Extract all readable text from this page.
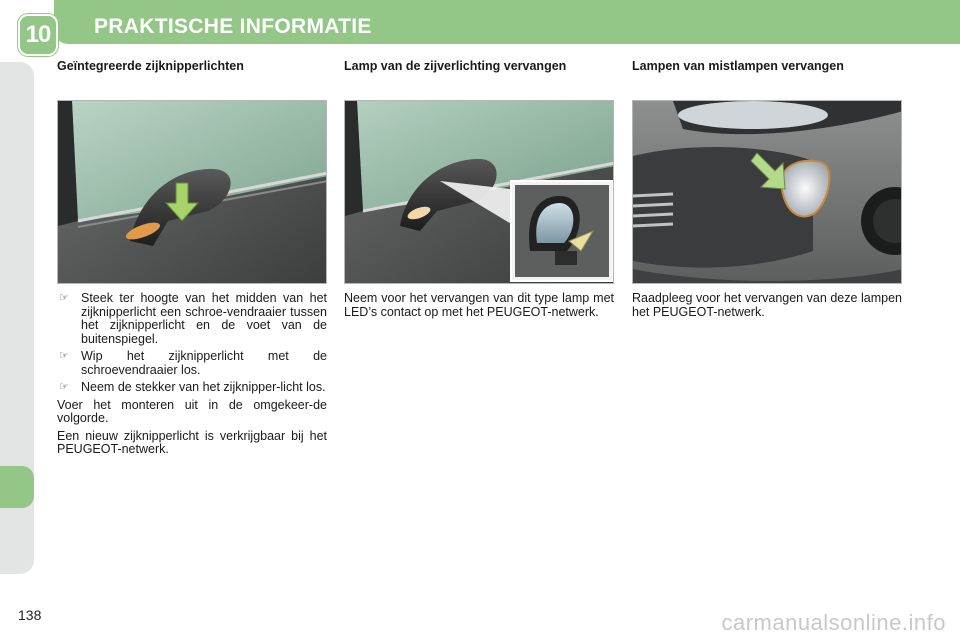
10	PRAKTISCHE INFORMATIE
Geïntegreerde zijknipperlichten
☞ Steek ter hoogte van het midden van het zijknipperlicht een schroe-vendraaier tussen het zijknipperlicht en de voet van de buitenspiegel.
☞ Wip het zijknipperlicht met de schroevendraaier los.
☞ Neem de stekker van het zijknipper-licht los.
Voer het monteren uit in de omgekeer-de volgorde.
Een nieuw zijknipperlicht is verkrijgbaar bij het PEUGEOT-netwerk.
Lamp van de zijverlichting vervangen
Neem voor het vervangen van dit type lamp met LED’s contact op met het PEUGEOT-netwerk.
Lampen van mistlampen vervangen
Raadpleeg voor het vervangen van deze lampen het PEUGEOT-netwerk.
138	carmanualsonline.info
